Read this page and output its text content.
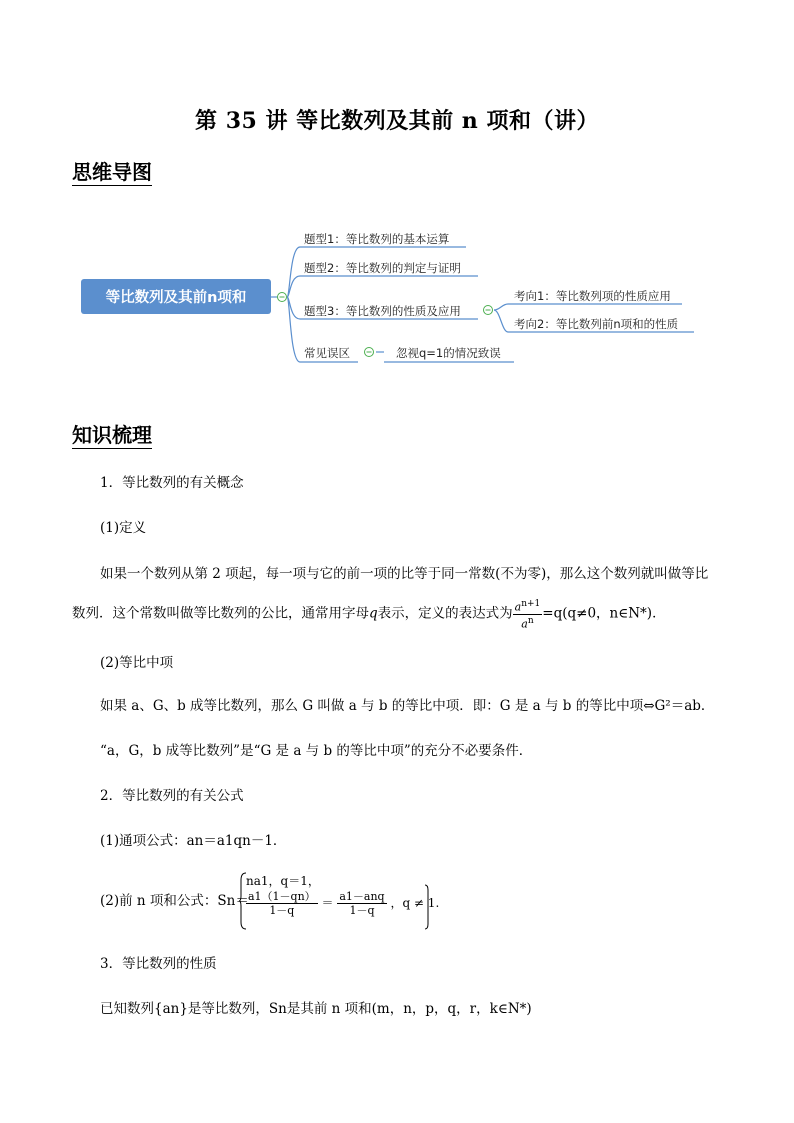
第 35 讲 等比数列及其前 n 项和（讲）
思维导图
等比数列及其前n项和
题型1：等比数列的基本运算
题型2：等比数列的判定与证明
题型3：等比数列的性质及应用
考向1：等比数列项的性质应用
考向2：等比数列前n项和的性质
常见误区	忽视q=1的情况致误
知识梳理
1．等比数列的有关概念
(1)定义
如果一个数列从第 2 项起，每一项与它的前一项的比等于同一常数(不为零)，那么这个数列就叫做等比
数列．这个常数叫做等比数列的公比，通常用字母q表示，定义的表达式为 $\frac{a^{n+1}}{a^n} =q(q\ne 0$，n∈N*)．
(2)等比中项
如果 a、G、b 成等比数列，那么 G 叫做 a 与 b 的等比中项．即：G 是 a 与 b 的等比中项⇔G²＝ab．
“a，G，b 成等比数列”是“G 是 a 与 b 的等比中项”的充分不必要条件．
2．等比数列的有关公式
(1)通项公式：an＝a1qn－1．
(2)前 n 项和公式：Sn＝
na1，q＝1，
$\frac{a1(1-qn)}{1-q} = \frac{\text{a1－anq}}{1-q}$ ，q ≠ 1.
3．等比数列的性质
已知数列{an}是等比数列，Sn是其前 n 项和(m，n，p，q，r，k∈N*)
